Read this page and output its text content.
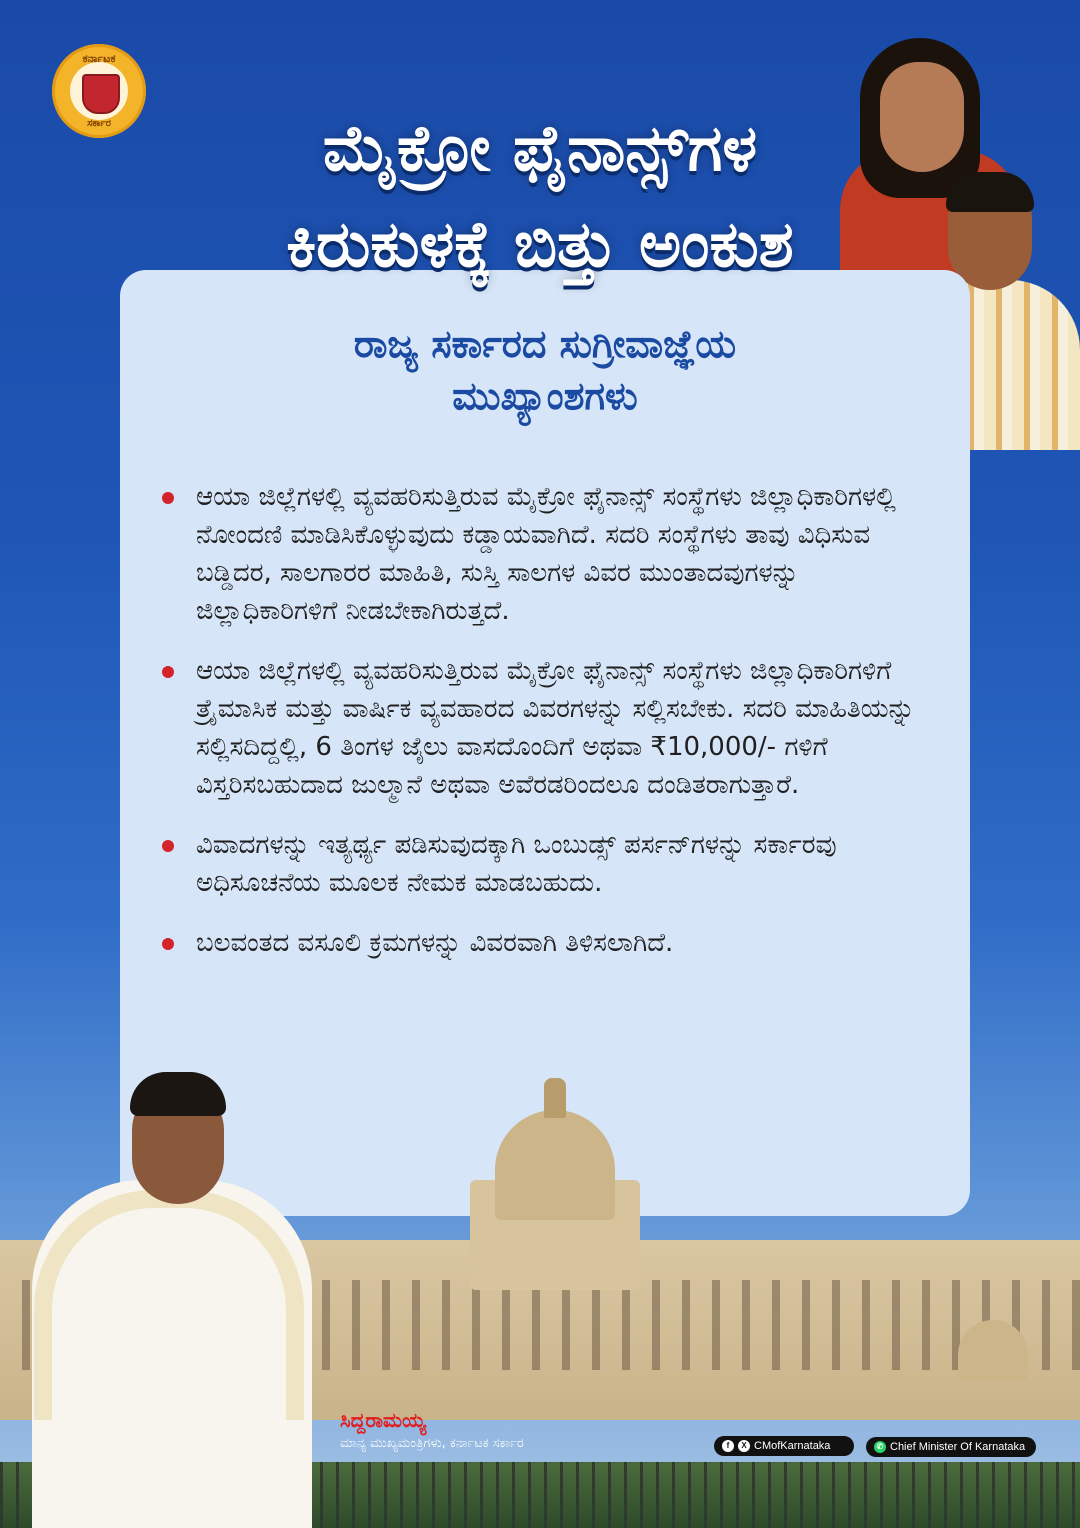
ಕರ್ನಾಟಕ
ಸರ್ಕಾರ	ಮೈಕ್ರೋ ಫೈನಾನ್ಸ್‌ಗಳ
ಕಿರುಕುಳಕ್ಕೆ ಬಿತ್ತು ಅಂಕುಶ
ರಾಜ್ಯ ಸರ್ಕಾರದ ಸುಗ್ರೀವಾಜ್ಞೆಯ
ಮುಖ್ಯಾಂಶಗಳು
ಆಯಾ ಜಿಲ್ಲೆಗಳಲ್ಲಿ ವ್ಯವಹರಿಸುತ್ತಿರುವ ಮೈಕ್ರೋ ಫೈನಾನ್ಸ್ ಸಂಸ್ಥೆಗಳು ಜಿಲ್ಲಾಧಿಕಾರಿಗಳಲ್ಲಿ ನೋಂದಣಿ ಮಾಡಿಸಿಕೊಳ್ಳುವುದು ಕಡ್ಡಾಯವಾಗಿದೆ. ಸದರಿ ಸಂಸ್ಥೆಗಳು ತಾವು ವಿಧಿಸುವ ಬಡ್ಡಿದರ, ಸಾಲಗಾರರ ಮಾಹಿತಿ, ಸುಸ್ತಿ ಸಾಲಗಳ ವಿವರ ಮುಂತಾದವುಗಳನ್ನು ಜಿಲ್ಲಾಧಿಕಾರಿಗಳಿಗೆ ನೀಡಬೇಕಾಗಿರುತ್ತದೆ.
ಆಯಾ ಜಿಲ್ಲೆಗಳಲ್ಲಿ ವ್ಯವಹರಿಸುತ್ತಿರುವ ಮೈಕ್ರೋ ಫೈನಾನ್ಸ್ ಸಂಸ್ಥೆಗಳು ಜಿಲ್ಲಾಧಿಕಾರಿಗಳಿಗೆ ತ್ರೈಮಾಸಿಕ ಮತ್ತು ವಾರ್ಷಿಕ ವ್ಯವಹಾರದ ವಿವರಗಳನ್ನು ಸಲ್ಲಿಸಬೇಕು. ಸದರಿ ಮಾಹಿತಿಯನ್ನು ಸಲ್ಲಿಸದಿದ್ದಲ್ಲಿ, 6 ತಿಂಗಳ ಜೈಲು ವಾಸದೊಂದಿಗೆ ಅಥವಾ ₹10,000/- ಗಳಿಗೆ ವಿಸ್ತರಿಸಬಹುದಾದ ಜುಲ್ಮಾನೆ ಅಥವಾ ಅವೆರಡರಿಂದಲೂ ದಂಡಿತರಾಗುತ್ತಾರೆ.
ವಿವಾದಗಳನ್ನು ಇತ್ಯರ್ಥ್ಯ ಪಡಿಸುವುದಕ್ಕಾಗಿ ಒಂಬುಡ್ಸ್ ಪರ್ಸನ್‌ಗಳನ್ನು ಸರ್ಕಾರವು ಅಧಿಸೂಚನೆಯ ಮೂಲಕ ನೇಮಕ ಮಾಡಬಹುದು.
ಬಲವಂತದ ವಸೂಲಿ ಕ್ರಮಗಳನ್ನು ವಿವರವಾಗಿ ತಿಳಿಸಲಾಗಿದೆ.
ಸಿದ್ದರಾಮಯ್ಯ
ಮಾನ್ಯ ಮುಖ್ಯಮಂತ್ರಿಗಳು, ಕರ್ನಾಟಕ ಸರ್ಕಾರ	f	X CMofKarnataka	✆ Chief Minister Of Karnataka
